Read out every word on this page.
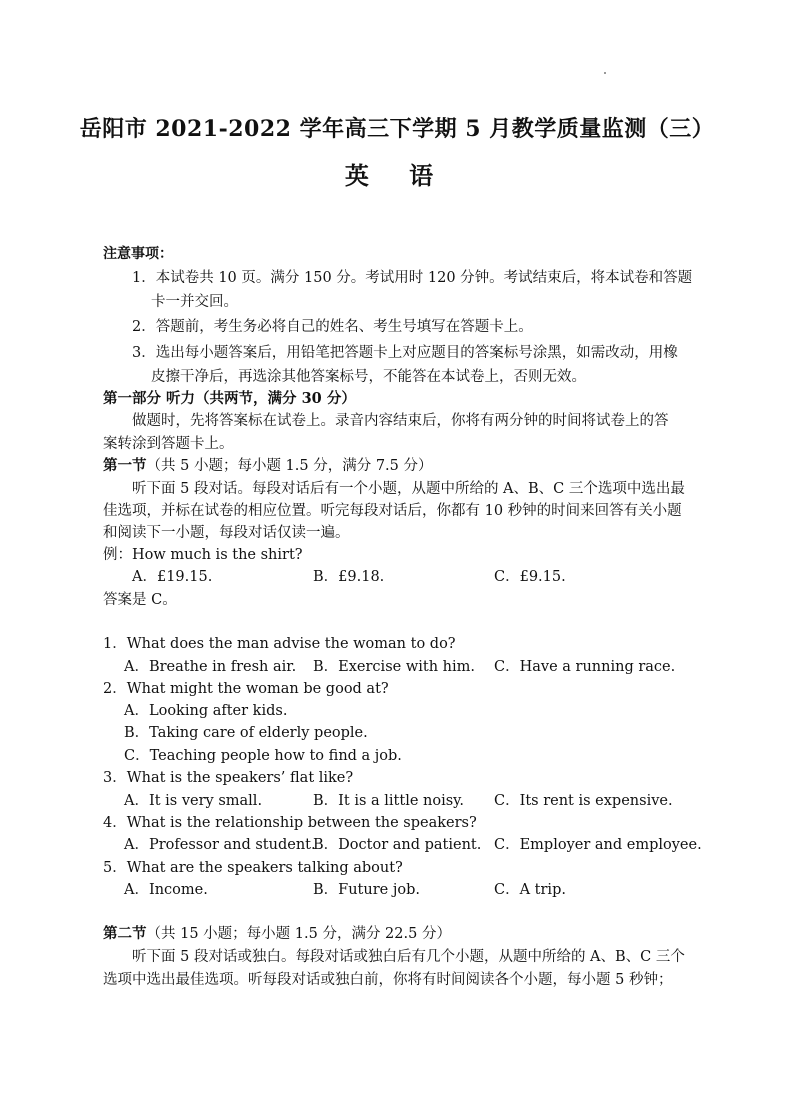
岳阳市 2021-2022 学年高三下学期 5 月教学质量监测（三）
英 语
注意事项：
1．本试卷共 10 页。满分 150 分。考试用时 120 分钟。考试结束后，将本试卷和答题
卡一并交回。
2．答题前，考生务必将自己的姓名、考生号填写在答题卡上。
3．选出每小题答案后，用铅笔把答题卡上对应题目的答案标号涂黑，如需改动，用橡
皮擦干净后，再选涂其他答案标号，不能答在本试卷上，否则无效。
第一部分 听力（共两节，满分 30 分）
做题时，先将答案标在试卷上。录音内容结束后，你将有两分钟的时间将试卷上的答
案转涂到答题卡上。
第一节（共 5 小题；每小题 1.5 分，满分 7.5 分）
听下面 5 段对话。每段对话后有一个小题，从题中所给的 A、B、C 三个选项中选出最
佳选项，并标在试卷的相应位置。听完每段对话后，你都有 10 秒钟的时间来回答有关小题
和阅读下一小题，每段对话仅读一遍。
例：How much is the shirt?
A．£19.15.	B．£9.18.	C．£9.15.
答案是 C。
1．What does the man advise the woman to do?
A．Breathe in fresh air. B．Exercise with him. C．Have a running race.
2．What might the woman be good at?
A．Looking after kids.
B．Taking care of elderly people.
C．Teaching people how to find a job.
3．What is the speakers’ flat like?
A．It is very small.	B．It is a little noisy. C．Its rent is expensive.
4．What is the relationship between the speakers?
A．Professor and student.
B．Doctor and patient. C．Employer and employee.
5．What are the speakers talking about?
A．Income.	B．Future job.	C．A trip.
第二节（共 15 小题；每小题 1.5 分，满分 22.5 分）
听下面 5 段对话或独白。每段对话或独白后有几个小题，从题中所给的 A、B、C 三个
选项中选出最佳选项。听每段对话或独白前，你将有时间阅读各个小题，每小题 5 秒钟；
